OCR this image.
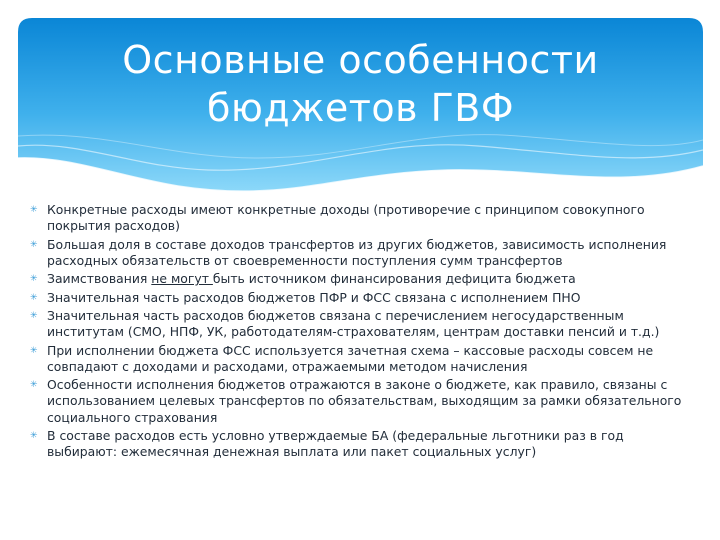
Основные особенности
бюджетов ГВФ
✳ Конкретные расходы имеют конкретные доходы (противоречие с принципом совокупного покрытия расходов)
✳ Большая доля в составе доходов трансфертов из других бюджетов, зависимость исполнения расходных обязательств от своевременности поступления сумм трансфертов
✳ Заимствования не могут быть источником финансирования дефицита бюджета
✳ Значительная часть расходов бюджетов ПФР и ФСС связана с исполнением ПНО
✳ Значительная часть расходов бюджетов связана с перечислением негосударственным институтам (СМО, НПФ, УК, работодателям-страхователям, центрам доставки пенсий и т.д.)
✳ При исполнении бюджета ФСС используется зачетная схема – кассовые расходы совсем не совпадают с доходами и расходами, отражаемыми методом начисления
✳ Особенности исполнения бюджетов отражаются в законе о бюджете, как правило, связаны с использованием целевых трансфертов по обязательствам, выходящим за рамки обязательного социального страхования
✳ В составе расходов есть условно утверждаемые БА (федеральные льготники раз в год выбирают: ежемесячная денежная выплата или пакет социальных услуг)
